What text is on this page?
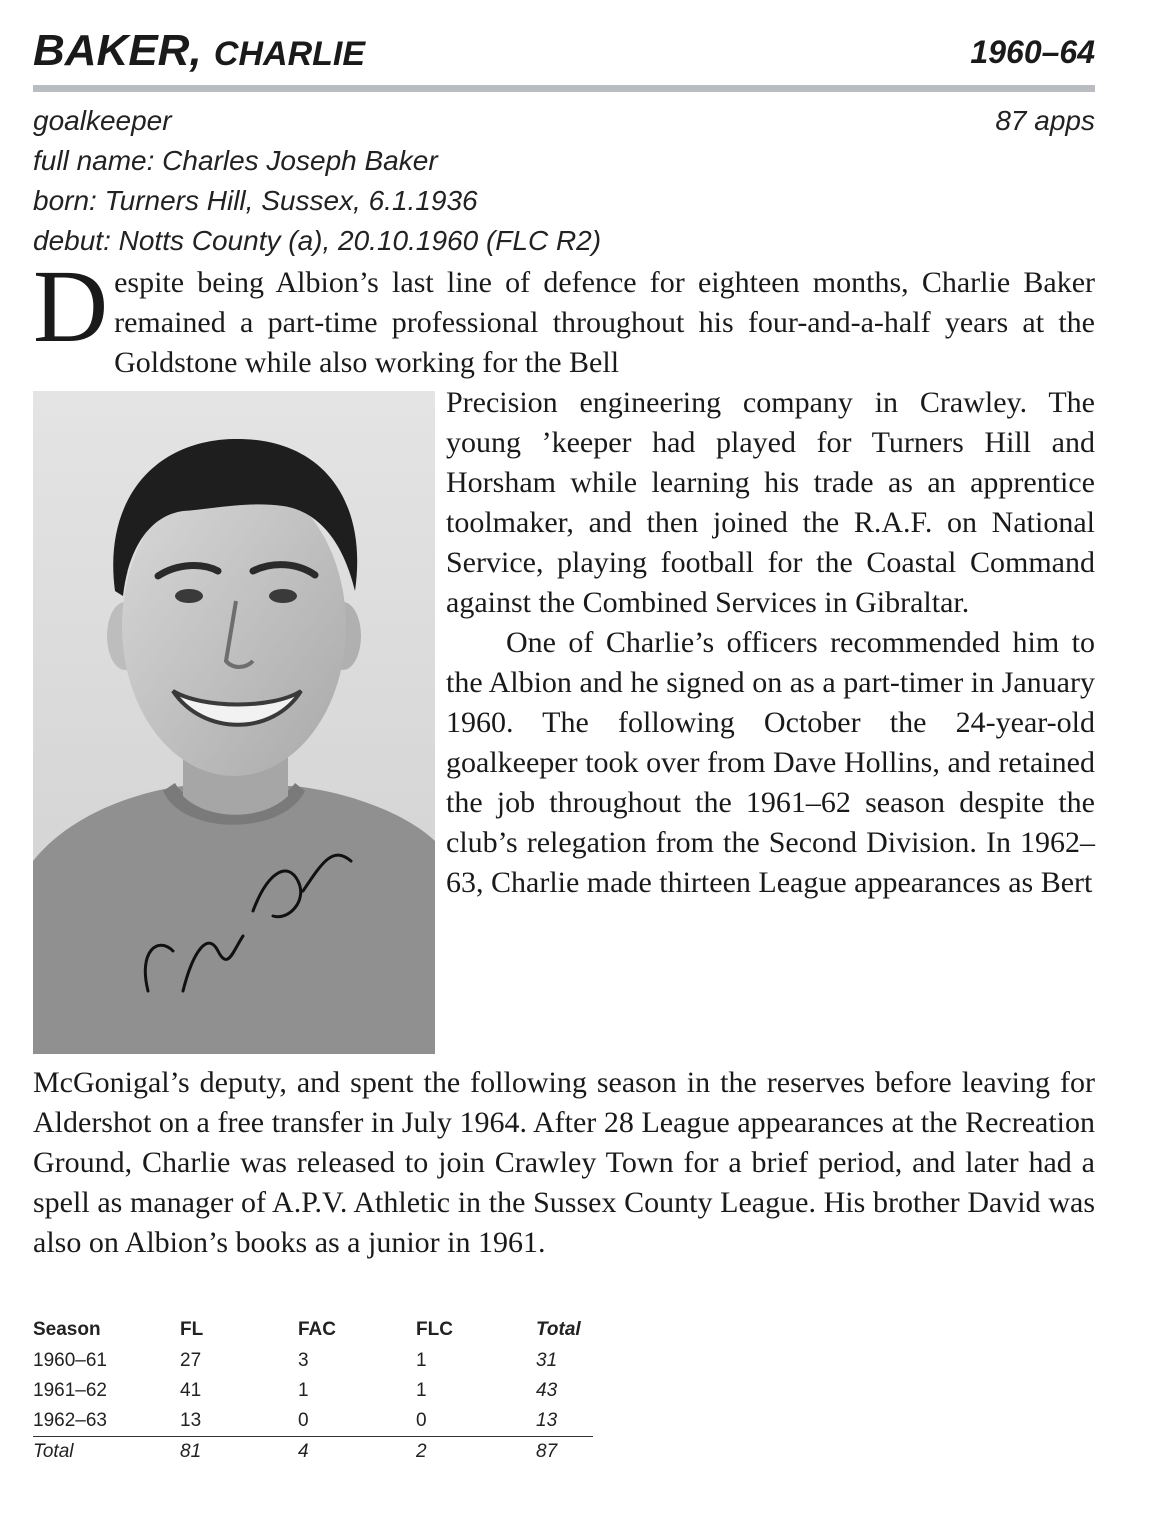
BAKER, CHARLIE	1960–64
goalkeeper	87 apps
full name: Charles Joseph Baker
born: Turners Hill, Sussex, 6.1.1936
debut: Notts County (a), 20.10.1960 (FLC R2)
Despite being Albion’s last line of defence for eighteen months, Charlie Baker remained a part-time professional throughout his four-and-a-half years at the Goldstone while also working for the Bell

Precision engineering company in Crawley. The young ’keeper had played for Turners Hill and Horsham while learning his trade as an apprentice toolmaker, and then joined the R.A.F. on National Service, playing football for the Coastal Command against the Combined Services in Gibraltar.

One of Charlie’s officers recommended him to the Albion and he signed on as a part-timer in January 1960. The following October the 24-year-old goalkeeper took over from Dave Hollins, and retained the job throughout the 1961–62 season despite the club’s relegation from the Second Division. In 1962–63, Charlie made thirteen League appearances as Bert

McGonigal’s deputy, and spent the following season in the reserves before leaving for Aldershot on a free transfer in July 1964. After 28 League appearances at the Recreation Ground, Charlie was released to join Crawley Town for a brief period, and later had a spell as manager of A.P.V. Athletic in the Sussex County League. His brother David was also on Albion’s books as a junior in 1961.
Season	FL	FAC	FLC	Total
1960–61	27	3	1	31
1961–62	41	1	1	43
1962–63	13	0	0	13
Total	81	4	2	87
